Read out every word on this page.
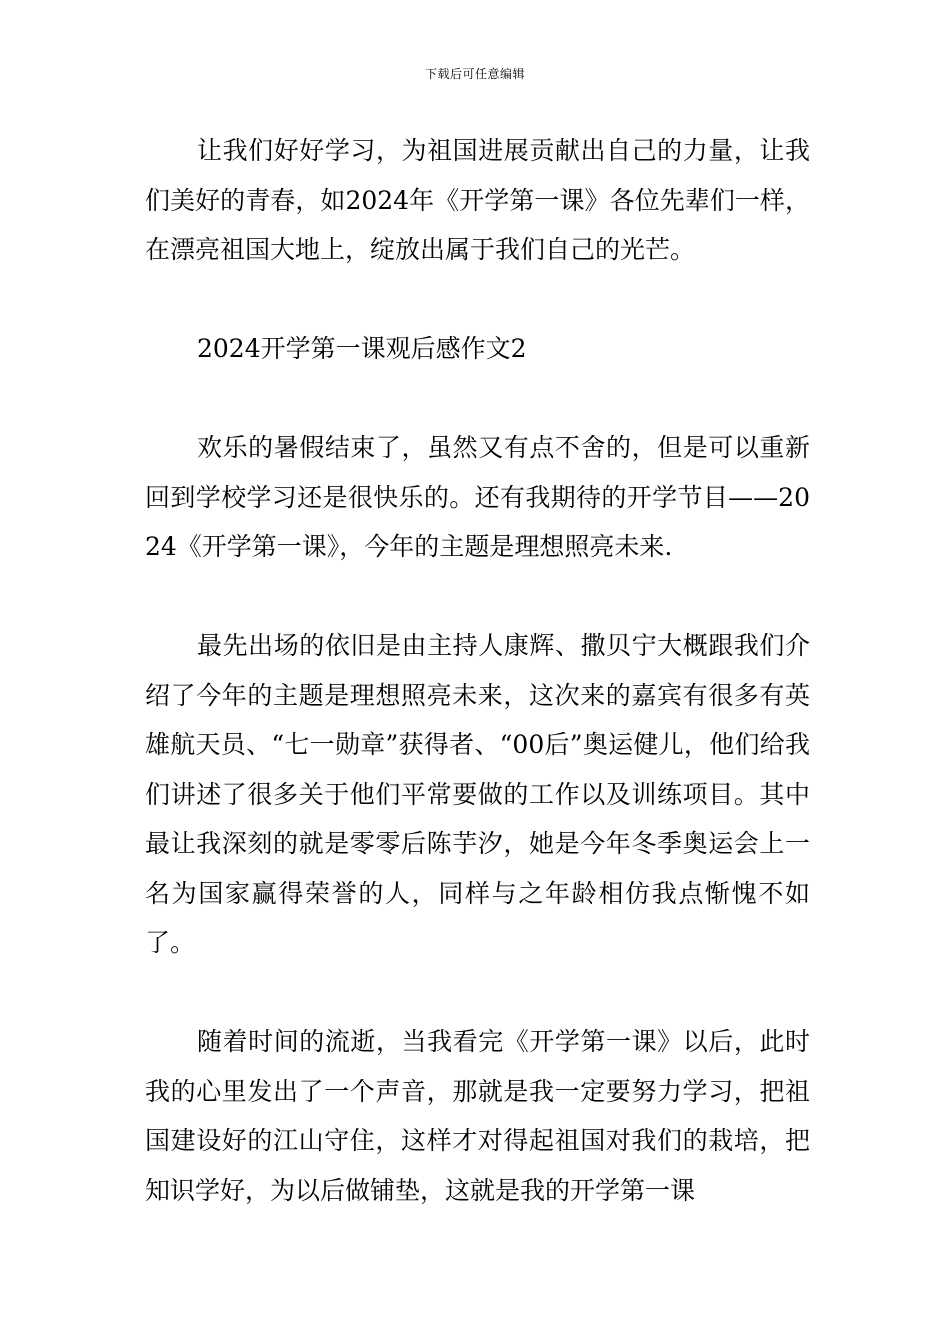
下载后可任意编辑

让我们好好学习，为祖国进展贡献出自己的力量，让我们美好的青春，如2024年《开学第一课》各位先辈们一样，在漂亮祖国大地上，绽放出属于我们自己的光芒。

2024开学第一课观后感作文2

欢乐的暑假结束了，虽然又有点不舍的，但是可以重新回到学校学习还是很快乐的。还有我期待的开学节目——2024《开学第一课》，今年的主题是理想照亮未来.

最先出场的依旧是由主持人康辉、撒贝宁大概跟我们介绍了今年的主题是理想照亮未来，这次来的嘉宾有很多有英雄航天员、“七一勋章”获得者、“00后”奥运健儿，他们给我们讲述了很多关于他们平常要做的工作以及训练项目。其中最让我深刻的就是零零后陈芋汐，她是今年冬季奥运会上一名为国家赢得荣誉的人，同样与之年龄相仿我点惭愧不如了。

随着时间的流逝，当我看完《开学第一课》以后，此时我的心里发出了一个声音，那就是我一定要努力学习，把祖国建设好的江山守住，这样才对得起祖国对我们的栽培，把知识学好，为以后做铺垫，这就是我的开学第一课
